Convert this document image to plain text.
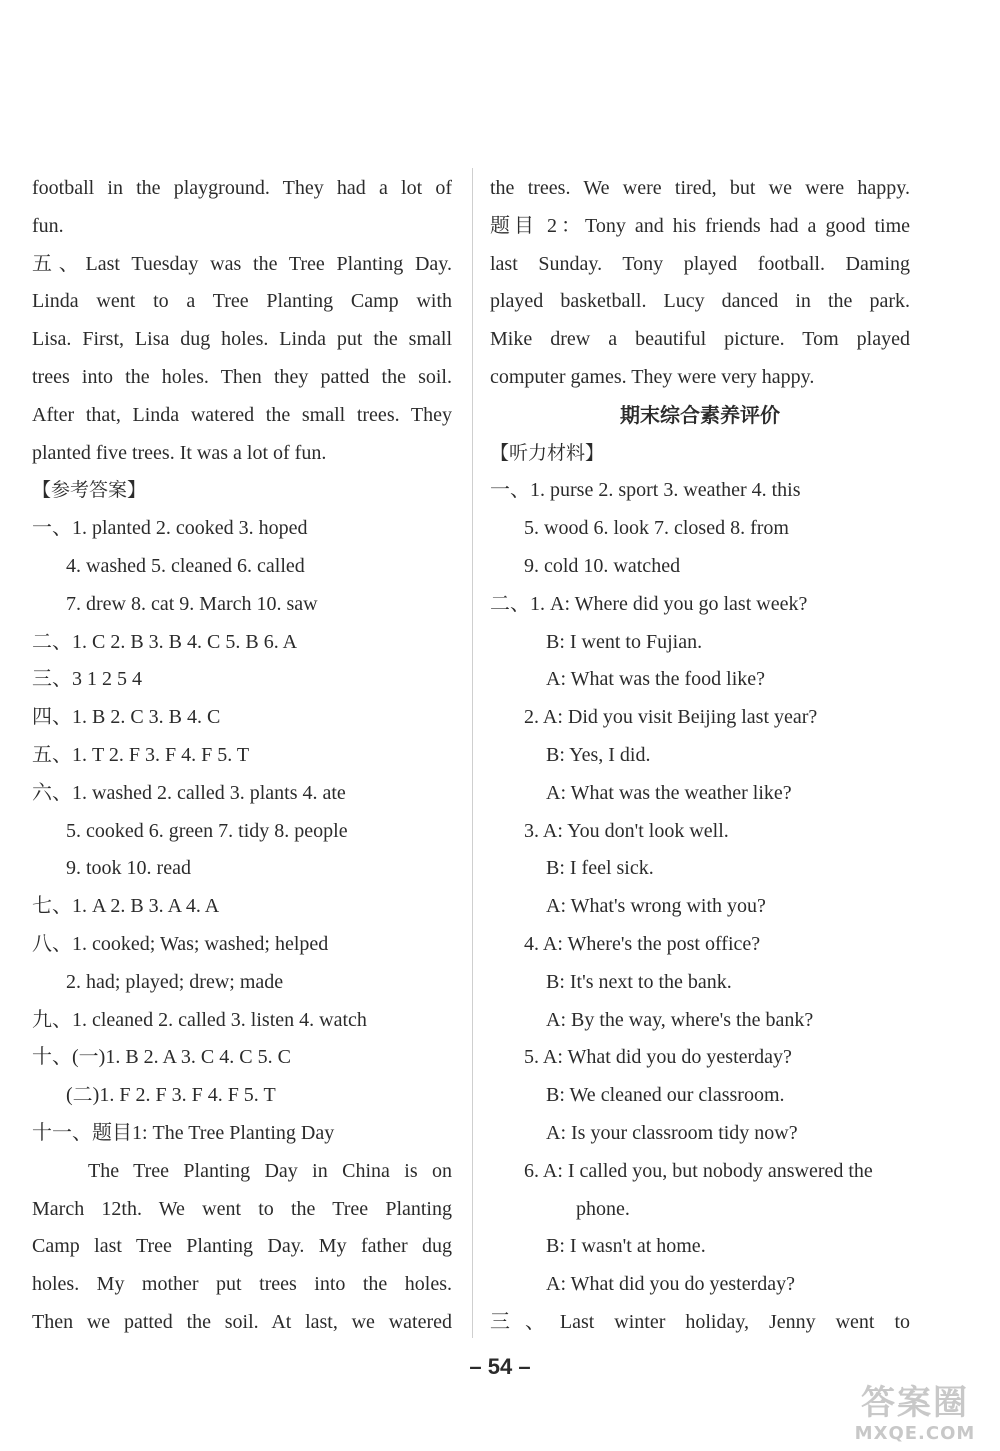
football in the playground. They had a lot of
fun.
五、Last Tuesday was the Tree Planting Day.
Linda went to a Tree Planting Camp with
Lisa. First, Lisa dug holes. Linda put the small
trees into the holes. Then they patted the soil.
After that, Linda watered the small trees. They
planted five trees. It was a lot of fun.
【参考答案】
一、1. planted 2. cooked 3. hoped
4. washed 5. cleaned 6. called
7. drew 8. cat 9. March 10. saw
二、1. C 2. B 3. B 4. C 5. B 6. A
三、3 1 2 5 4
四、1. B 2. C 3. B 4. C
五、1. T 2. F 3. F 4. F 5. T
六、1. washed 2. called 3. plants 4. ate
5. cooked 6. green 7. tidy 8. people
9. took 10. read
七、1. A 2. B 3. A 4. A
八、1. cooked; Was; washed; helped
2. had; played; drew; made
九、1. cleaned 2. called 3. listen 4. watch
十、(一)1. B 2. A 3. C 4. C 5. C
(二)1. F 2. F 3. F 4. F 5. T
十一、题目1: The Tree Planting Day
The Tree Planting Day in China is on
March 12th. We went to the Tree Planting
Camp last Tree Planting Day. My father dug
holes. My mother put trees into the holes.
Then we patted the soil. At last, we watered
the trees. We were tired, but we were happy.
题目 2：Tony and his friends had a good time
last Sunday. Tony played football. Daming
played basketball. Lucy danced in the park.
Mike drew a beautiful picture. Tom played
computer games. They were very happy.
期末综合素养评价
【听力材料】
一、1. purse 2. sport 3. weather 4. this
5. wood 6. look 7. closed 8. from
9. cold 10. watched
二、1. A: Where did you go last week?
B: I went to Fujian.
A: What was the food like?
2. A: Did you visit Beijing last year?
B: Yes, I did.
A: What was the weather like?
3. A: You don't look well.
B: I feel sick.
A: What's wrong with you?
4. A: Where's the post office?
B: It's next to the bank.
A: By the way, where's the bank?
5. A: What did you do yesterday?
B: We cleaned our classroom.
A: Is your classroom tidy now?
6. A: I called you, but nobody answered the
phone.
B: I wasn't at home.
A: What did you do yesterday?
三、Last winter holiday, Jenny went to
– 54 –
答案圈
MXQE.COM
